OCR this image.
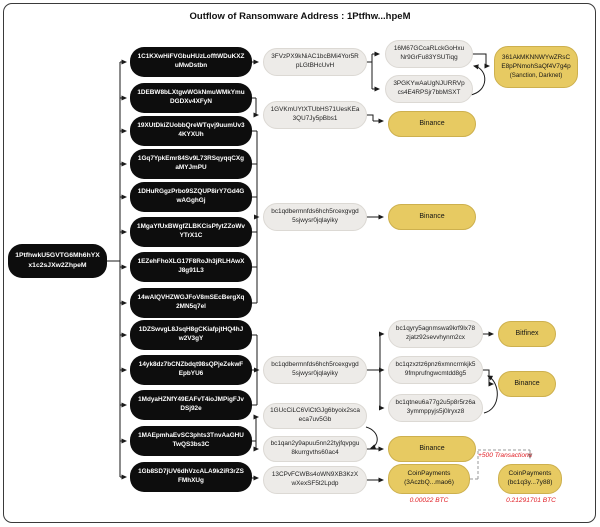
Outflow of Ransomware Address : 1Ptfhw...hpeM
1PtfhwkU5GVTG6Mh6hYXx1c2sJXw2ZhpeM
1C1KXwHiFVGbuHUzLofftWDuKXZuMwDstbn
1DEBW8bLXtgwWGkNmuWMkYmuDGDXv4XFyN
19XUtDkiZUobbQreWTqvj9uumUv34KYXUh
1Gq7YpkEmr84Sv9L73RSqyqqCXgaMYJmPU
1DHuRGgzPrbo9SZQUP8irY7Gd4GwAGghGj
1MgaYfUxBWgfZLBKCisPfytZZoWvYTrX1C
1EZehFhoXLG17F8RoJh3jRLHAwXJ8g91L3
14wAIQVHZWGJFoV8mSEcBergXq2MN5q7el
1DZSwvgL8JsqH8gCKiafpjtHQ4hJw2V3gY
14yk8dz7bCNZbdqt98sQPjeZekwFEpbYU6
1MdyaHZNfY49EAFvT4ioJMPigFJvDSj92e
1MAEpmhaEvSC3phts3TnvAaGHUTwQS3bs3C
1Gb8SD7jUV6dhVzcALA9k2iR3rZSFMhXUg
3FVzPX9kNiAC1bcBMi4Yor5RpLGtBHcUvH
1GVKmUYtXTUbHS71UesKEa3QU7Jy5pBbs1
bc1qdbermnfds6hch5rcexgvgd5sjwysr0jqlayiky
bc1qdbermnfds6hch5rcexgvgd5sjwysr0jqlayiky
1GUcCiLC6ViCtGJg6byoix2scaeca7uv5Gb
bc1qan2y9apuu5nn22tyjfqvpgu8kurrgvths60ac4
13CPvFCWBs4oWN9XB3KzXwXexSF5t2Lpdp
16M67GCcaRLckGoHxuNr9GrFu83YSUTiqg
3PGKYwAaUgNJURRVpcs4E4RPSjr7bbMSXT
bc1qyry5agnmswa9krf9lx78zjatz92sevvhynm2cx
bc1qzxztz6pnz6xmncrmkjk59fmprufngwcmtdd8g5
bc1qtneu6a77g2u5p8r5rz6a3ymmppyjs5j0lryxz8
361AkMKNNWYwZRsCE8pPNmohSaQf4V7g4p
(Sanction, Darknet)
Binance
Binance
Bitfinex
Binance
Binance
CoinPayments
(3AczbQ...mao6)
CoinPayments
(bc1q3y...7y88)
0.00022 BTC	0.21291701 BTC
+500 Transactions
